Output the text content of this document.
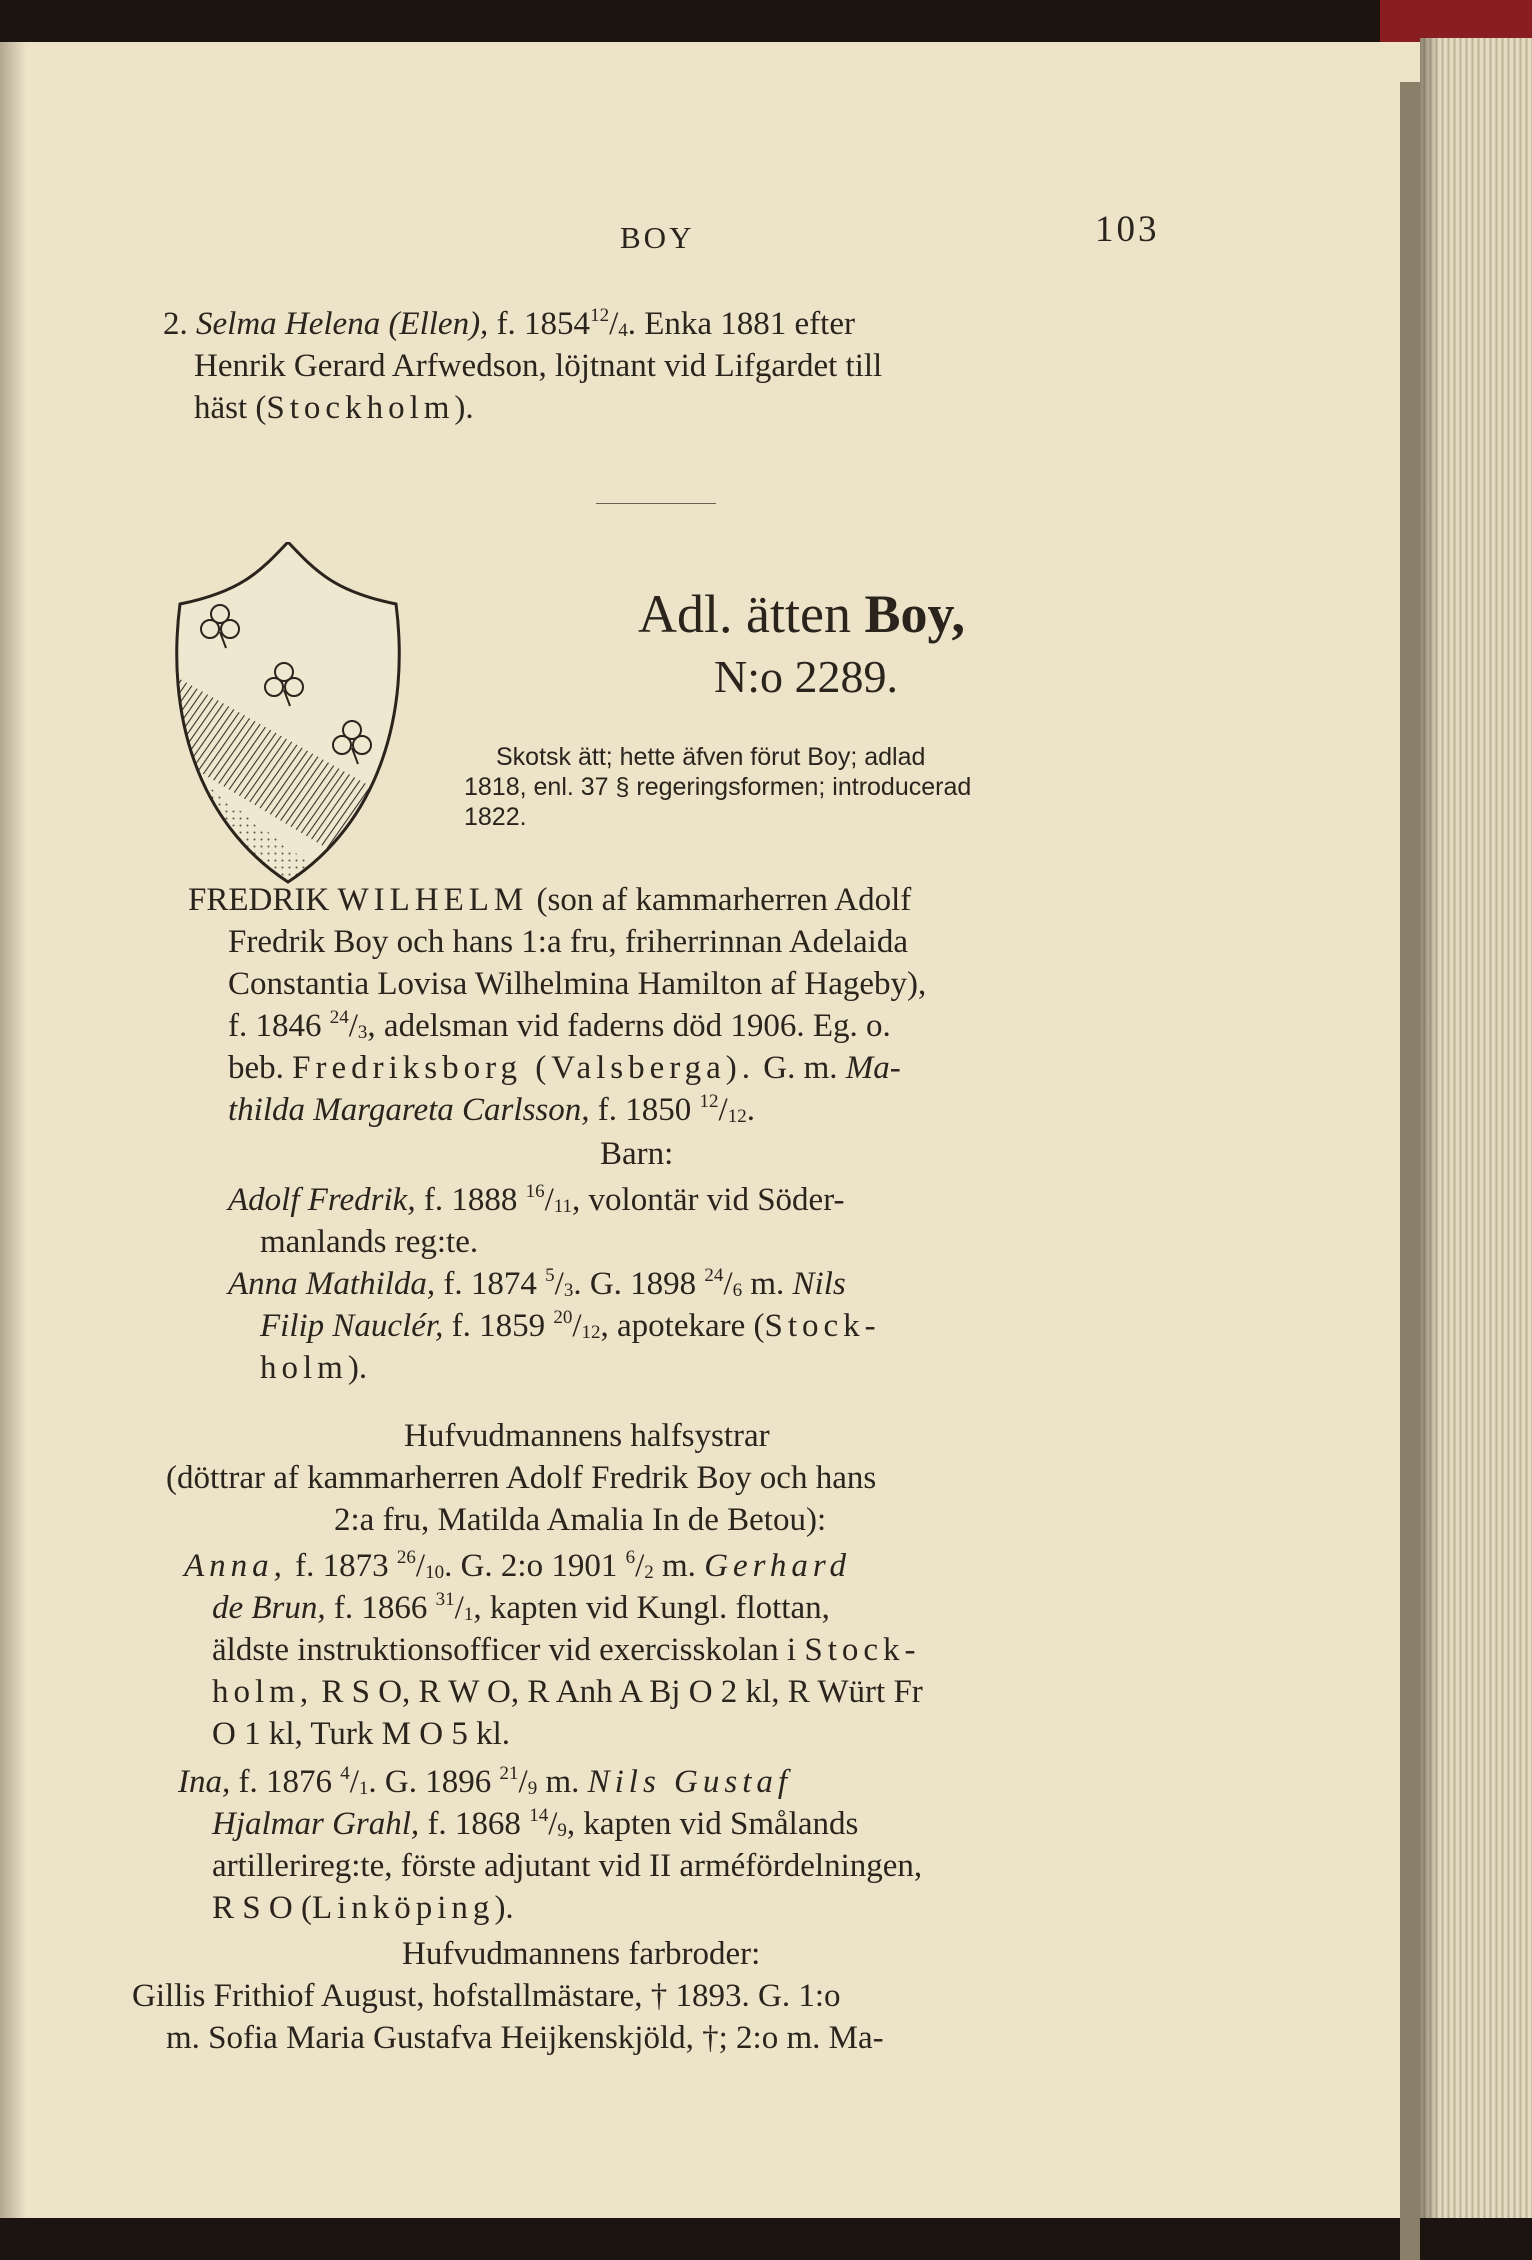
BOY	103
2. Selma Helena (Ellen), f. $1854^{12}/_4$. Enka 1881 efter
Henrik Gerard Arfwedson, löjtnant vid Lifgardet till
häst (Stockholm).
Adl. ätten Boy,
N:o 2289.
Skotsk ätt; hette äfven förut Boy; adlad
1818, enl. 37 § regeringsformen; introducerad
1822.
FREDRIK WILHELM (son af kammarherren Adolf
Fredrik Boy och hans 1:a fru, friherrinnan Adelaida
Constantia Lovisa Wilhelmina Hamilton af Hageby),
f. 1846 $^{24}/_3$, adelsman vid faderns död 1906. Eg. o.
beb. Fredriksborg (Valsberga). G. m. Ma-
thilda Margareta Carlsson, f. 1850 $^{12}/_{12}$.
Barn:
Adolf Fredrik, f. 1888 $^{16}/_{11}$, volontär vid Söder-
manlands reg:te.
Anna Mathilda, f. 1874 $^5/_3$. G. 1898 $^{24}/_6$ m. Nils
Filip Nauclér, f. 1859 $^{20}/_{12}$, apotekare (Stock-
holm).
Hufvudmannens halfsystrar
(döttrar af kammarherren Adolf Fredrik Boy och hans
2:a fru, Matilda Amalia In de Betou):
Anna, f. 1873 $^{26}/_{10}$. G. 2:o 1901 $^6/_2$ m. Gerhard
de Brun, f. 1866 $^{31}/_1$, kapten vid Kungl. flottan,
äldste instruktionsofficer vid exercisskolan i Stock-
holm, R S O, R W O, R Anh A Bj O 2 kl, R Würt Fr
O 1 kl, Turk M O 5 kl.
Ina, f. 1876 $^4/_1$. G. 1896 $^{21}/_9$ m. Nils Gustaf
Hjalmar Grahl, f. 1868 $^{14}/_9$, kapten vid Smålands
artillerireg:te, förste adjutant vid II arméfördelningen,
R S O (Linköping).
Hufvudmannens farbroder:
Gillis Frithiof August, hofstallmästare, † 1893. G. 1:o
m. Sofia Maria Gustafva Heijkenskjöld, †; 2:o m. Ma-
